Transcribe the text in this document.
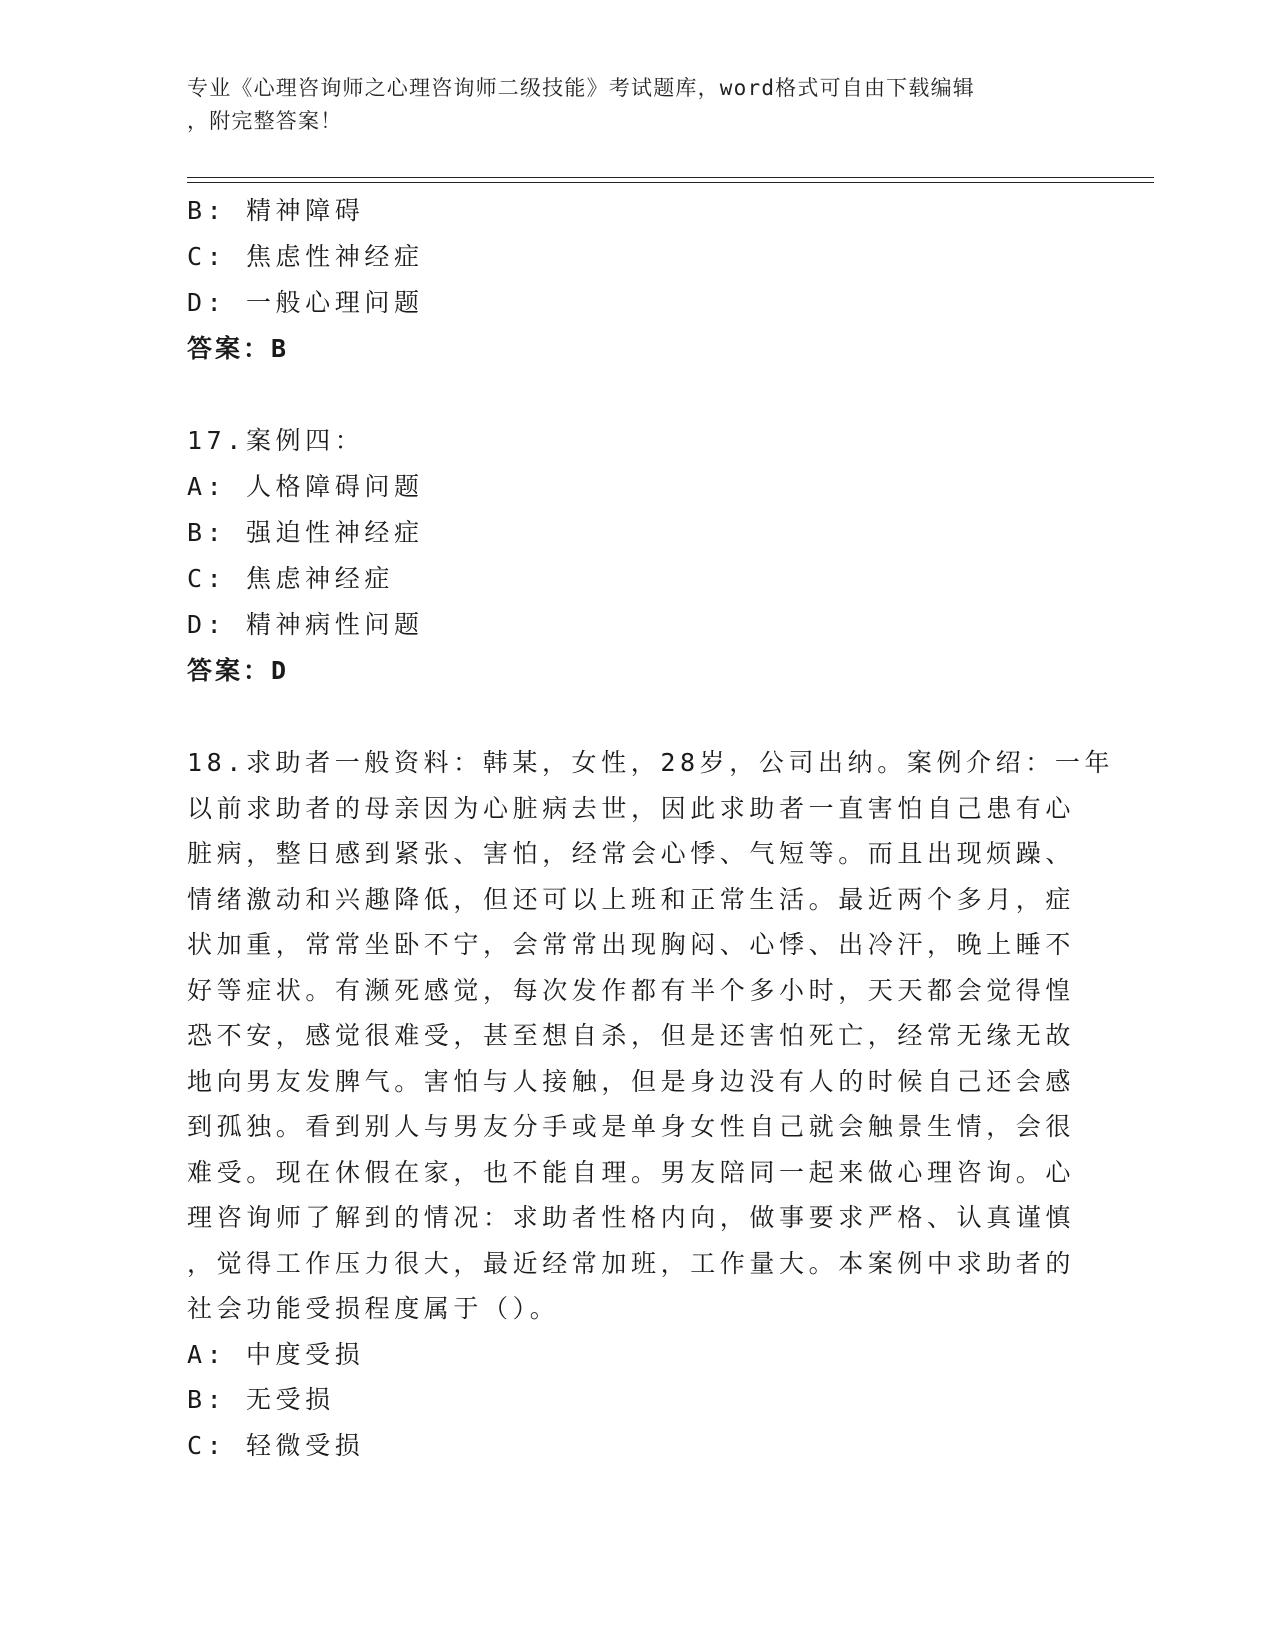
专业《心理咨询师之心理咨询师二级技能》考试题库，word格式可自由下载编辑
，附完整答案！
B: 精神障碍
C: 焦虑性神经症
D: 一般心理问题
答案：B
17.案例四：
A: 人格障碍问题
B: 强迫性神经症
C: 焦虑神经症
D: 精神病性问题
答案：D
18.求助者一般资料：韩某，女性，28岁，公司出纳。案例介绍：一年
以前求助者的母亲因为心脏病去世，因此求助者一直害怕自己患有心
脏病，整日感到紧张、害怕，经常会心悸、气短等。而且出现烦躁、
情绪激动和兴趣降低，但还可以上班和正常生活。最近两个多月，症
状加重，常常坐卧不宁，会常常出现胸闷、心悸、出冷汗，晚上睡不
好等症状。有濒死感觉，每次发作都有半个多小时，天天都会觉得惶
恐不安，感觉很难受，甚至想自杀，但是还害怕死亡，经常无缘无故
地向男友发脾气。害怕与人接触，但是身边没有人的时候自己还会感
到孤独。看到别人与男友分手或是单身女性自己就会触景生情，会很
难受。现在休假在家，也不能自理。男友陪同一起来做心理咨询。心
理咨询师了解到的情况：求助者性格内向，做事要求严格、认真谨慎
，觉得工作压力很大，最近经常加班，工作量大。本案例中求助者的
社会功能受损程度属于（）。
A: 中度受损
B: 无受损
C: 轻微受损
